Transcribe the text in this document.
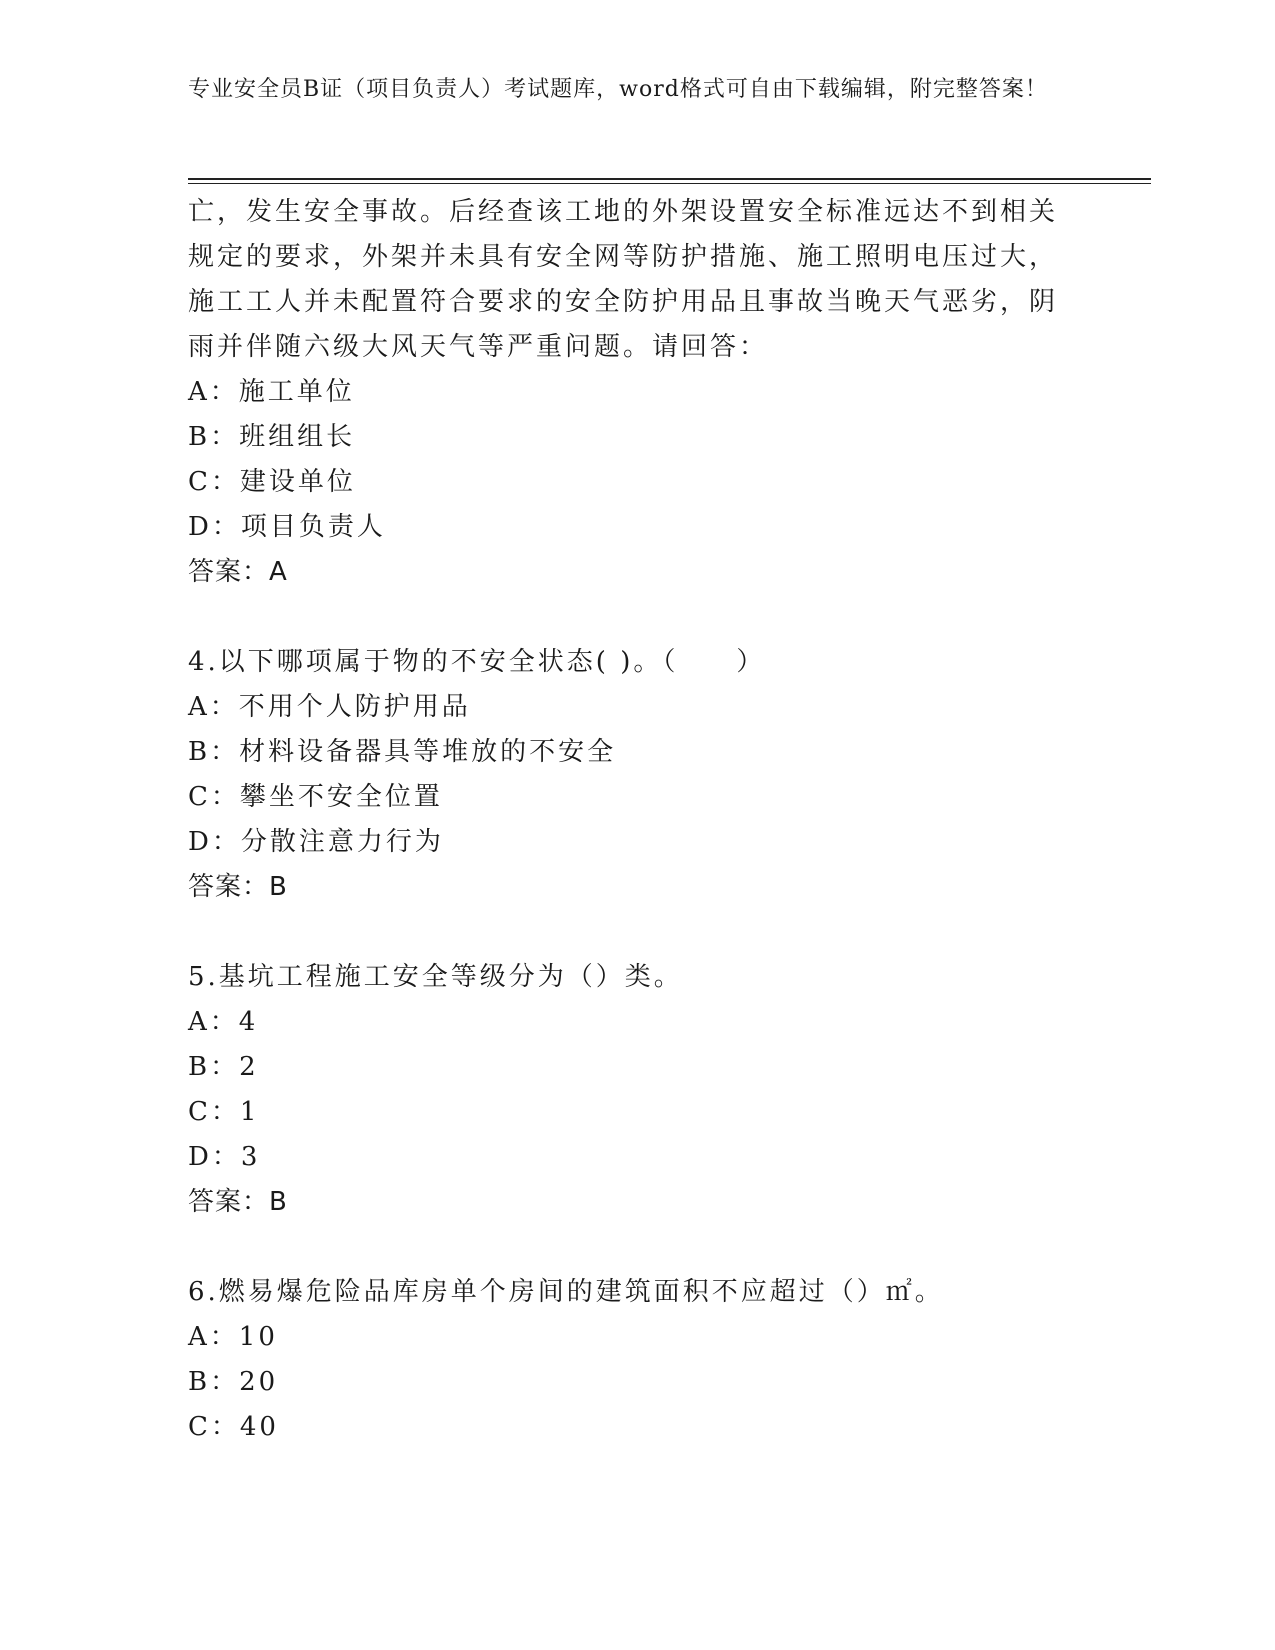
专业安全员B证（项目负责人）考试题库，word格式可自由下载编辑，附完整答案！

亡，发生安全事故。后经查该工地的外架设置安全标准远达不到相关规定的要求，外架并未具有安全网等防护措施、施工照明电压过大，施工工人并未配置符合要求的安全防护用品且事故当晚天气恶劣，阴雨并伴随六级大风天气等严重问题。请回答：

A：施工单位
B：班组组长
C：建设单位
D：项目负责人
答案：A
4.以下哪项属于物的不安全状态( )。（　　）
A：不用个人防护用品
B：材料设备器具等堆放的不安全
C：攀坐不安全位置
D：分散注意力行为
答案：B
5.基坑工程施工安全等级分为（）类。
A：4
B：2
C：1
D：3
答案：B
6.燃易爆危险品库房单个房间的建筑面积不应超过（）㎡。
A：10
B：20
C：40
